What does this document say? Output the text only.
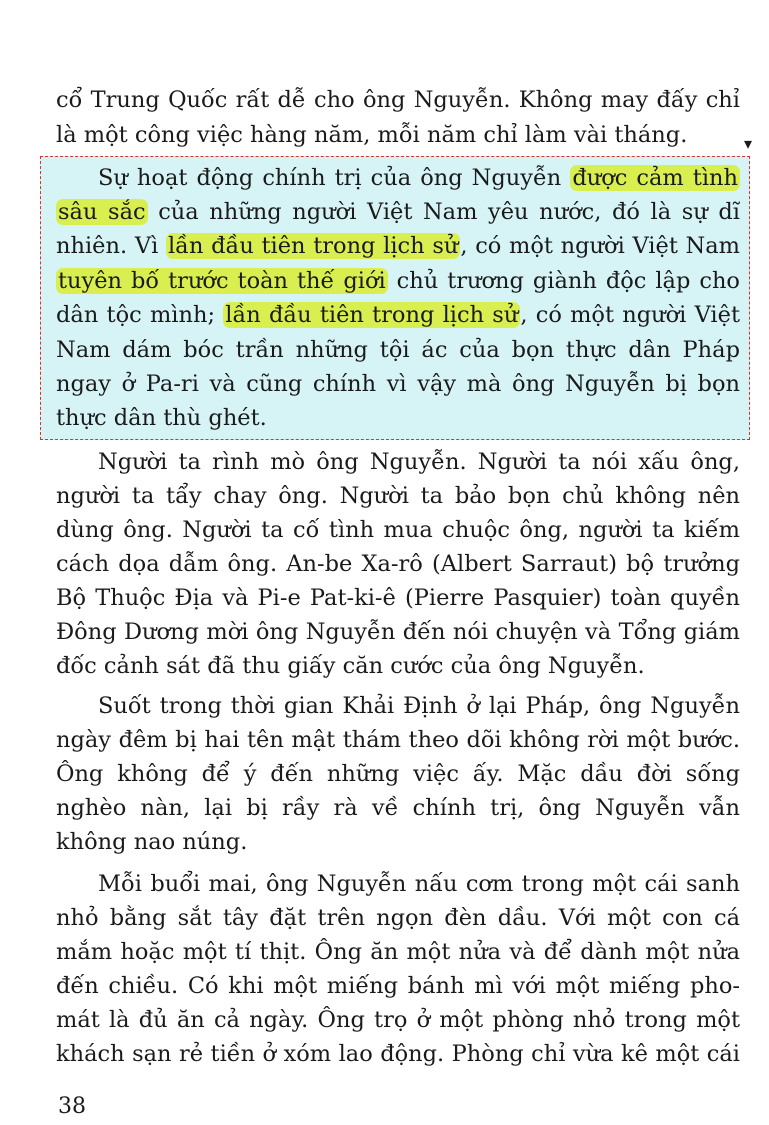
cổ Trung Quốc rất dễ cho ông Nguyễn. Không may đấy chỉ
là một công việc hàng năm, mỗi năm chỉ làm vài tháng.	▾
Sự hoạt động chính trị của ông Nguyễn được cảm tình
sâu sắc của những người Việt Nam yêu nước, đó là sự dĩ
nhiên. Vì lần đầu tiên trong lịch sử, có một người Việt Nam
tuyên bố trước toàn thế giới chủ trương giành độc lập cho
dân tộc mình; lần đầu tiên trong lịch sử, có một người Việt
Nam dám bóc trần những tội ác của bọn thực dân Pháp
ngay ở Pa-ri và cũng chính vì vậy mà ông Nguyễn bị bọn
thực dân thù ghét.
Người ta rình mò ông Nguyễn. Người ta nói xấu ông,
người ta tẩy chay ông. Người ta bảo bọn chủ không nên
dùng ông. Người ta cố tình mua chuộc ông, người ta kiếm
cách dọa dẫm ông. An-be Xa-rô (Albert Sarraut) bộ trưởng
Bộ Thuộc Địa và Pi-e Pat-ki-ê (Pierre Pasquier) toàn quyền
Đông Dương mời ông Nguyễn đến nói chuyện và Tổng giám
đốc cảnh sát đã thu giấy căn cước của ông Nguyễn.
Suốt trong thời gian Khải Định ở lại Pháp, ông Nguyễn
ngày đêm bị hai tên mật thám theo dõi không rời một bước.
Ông không để ý đến những việc ấy. Mặc dầu đời sống
nghèo nàn, lại bị rầy rà về chính trị, ông Nguyễn vẫn
không nao núng.
Mỗi buổi mai, ông Nguyễn nấu cơm trong một cái sanh
nhỏ bằng sắt tây đặt trên ngọn đèn dầu. Với một con cá
mắm hoặc một tí thịt. Ông ăn một nửa và để dành một nửa
đến chiều. Có khi một miếng bánh mì với một miếng pho-
mát là đủ ăn cả ngày. Ông trọ ở một phòng nhỏ trong một
khách sạn rẻ tiền ở xóm lao động. Phòng chỉ vừa kê một cái
38
